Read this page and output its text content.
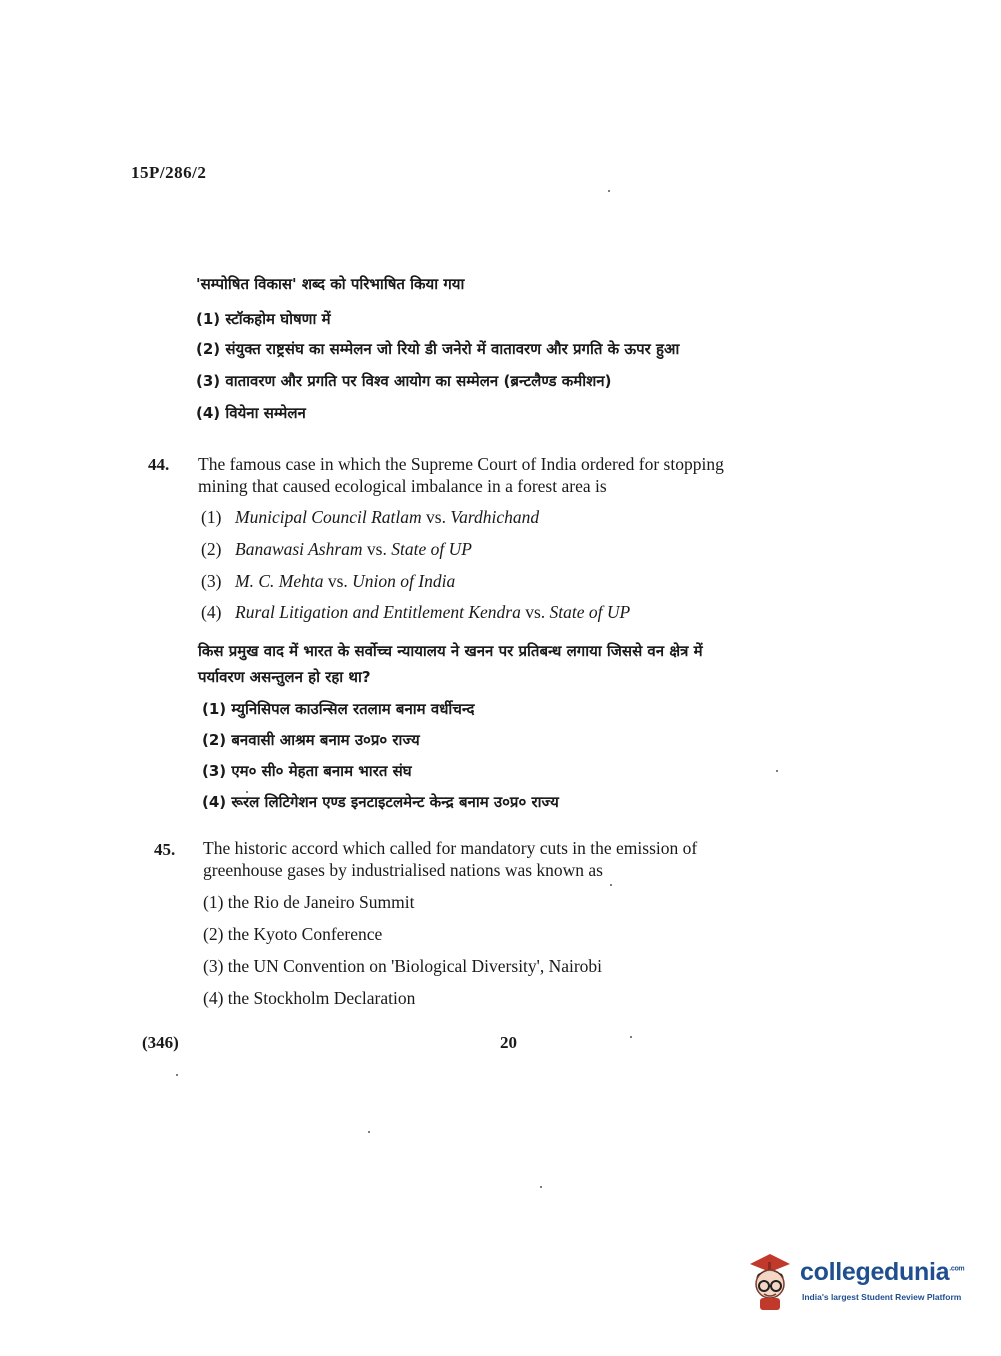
15P/286/2
'सम्पोषित विकास' शब्द को परिभाषित किया गया
(1) स्टॉकहोम घोषणा में
(2) संयुक्त राष्ट्रसंघ का सम्मेलन जो रियो डी जनेरो में वातावरण और प्रगति के ऊपर हुआ
(3) वातावरण और प्रगति पर विश्व आयोग का सम्मेलन (ब्रन्टलैण्ड कमीशन)
(4) वियेना सम्मेलन
44. The famous case in which the Supreme Court of India ordered for stopping
mining that caused ecological imbalance in a forest area is
(1) Municipal Council Ratlam vs. Vardhichand
(2) Banawasi Ashram vs. State of UP
(3) M. C. Mehta vs. Union of India
(4) Rural Litigation and Entitlement Kendra vs. State of UP
किस प्रमुख वाद में भारत के सर्वोच्च न्यायालय ने खनन पर प्रतिबन्ध लगाया जिससे वन क्षेत्र में
पर्यावरण असन्तुलन हो रहा था?
(1) म्युनिसिपल काउन्सिल रतलाम बनाम वर्धीचन्द
(2) बनवासी आश्रम बनाम उ०प्र० राज्य
(3) एम० सी० मेहता बनाम भारत संघ
(4) रूरल लिटिगेशन एण्ड इनटाइटलमेन्ट केन्द्र बनाम उ०प्र० राज्य
45. The historic accord which called for mandatory cuts in the emission of
greenhouse gases by industrialised nations was known as
(1) the Rio de Janeiro Summit
(2) the Kyoto Conference
(3) the UN Convention on 'Biological Diversity', Nairobi
(4) the Stockholm Declaration
(346)	20
collegedunia$^{.com}$
India's largest Student Review Platform
